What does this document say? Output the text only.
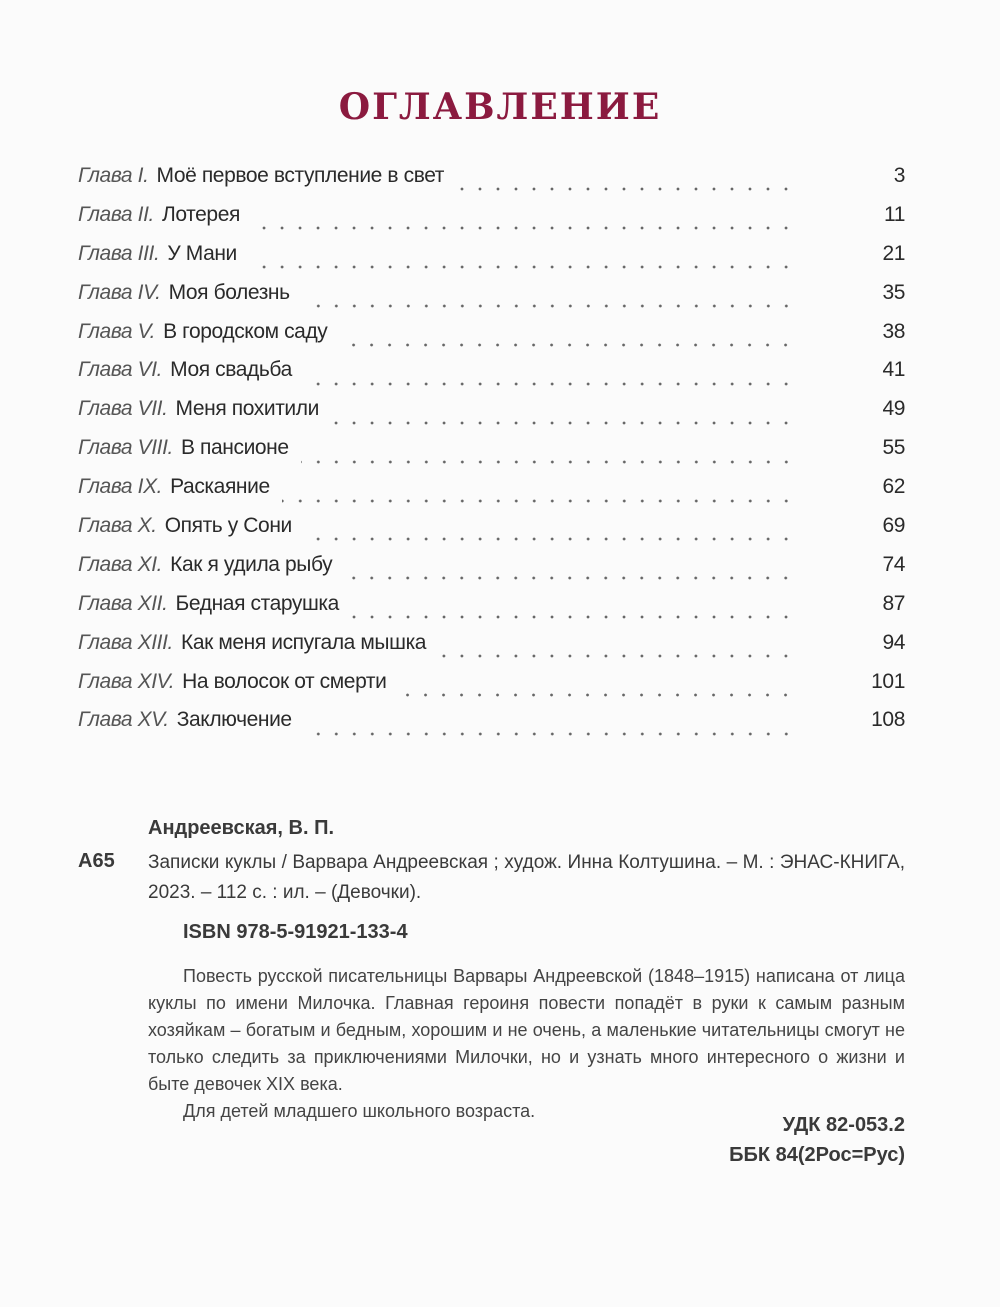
ОГЛАВЛЕНИЕ
Глава I. Моё первое вступление в свет	3
Глава II. Лотерея	11
Глава III. У Мани	21
Глава IV. Моя болезнь	35
Глава V. В городском саду	38
Глава VI. Моя свадьба	41
Глава VII. Меня похитили	49
Глава VIII. В пансионе	55
Глава IX. Раскаяние	62
Глава X. Опять у Сони	69
Глава XI. Как я удила рыбу	74
Глава XII. Бедная старушка	87
Глава XIII. Как меня испугала мышка	94
Глава XIV. На волосок от смерти	101
Глава XV. Заключение	108
Андреевская, В. П.
А65	Записки куклы / Варвара Андреевская ; худож. Инна Колтушина. – М. : ЭНАС-КНИГА, 2023. – 112 с. : ил. – (Девочки).
ISBN 978-5-91921-133-4

Повесть русской писательницы Варвары Андреевской (1848–1915) написана от лица куклы по имени Милочка. Главная героиня повести попадёт в руки к самым разным хозяйкам – богатым и бедным, хорошим и не очень, а маленькие читательницы смогут не только следить за приключениями Милочки, но и узнать много интересного о жизни и быте девочек XIX века.

Для детей младшего школьного возраста.

УДК 82-053.2
ББК 84(2Рос=Рус)
